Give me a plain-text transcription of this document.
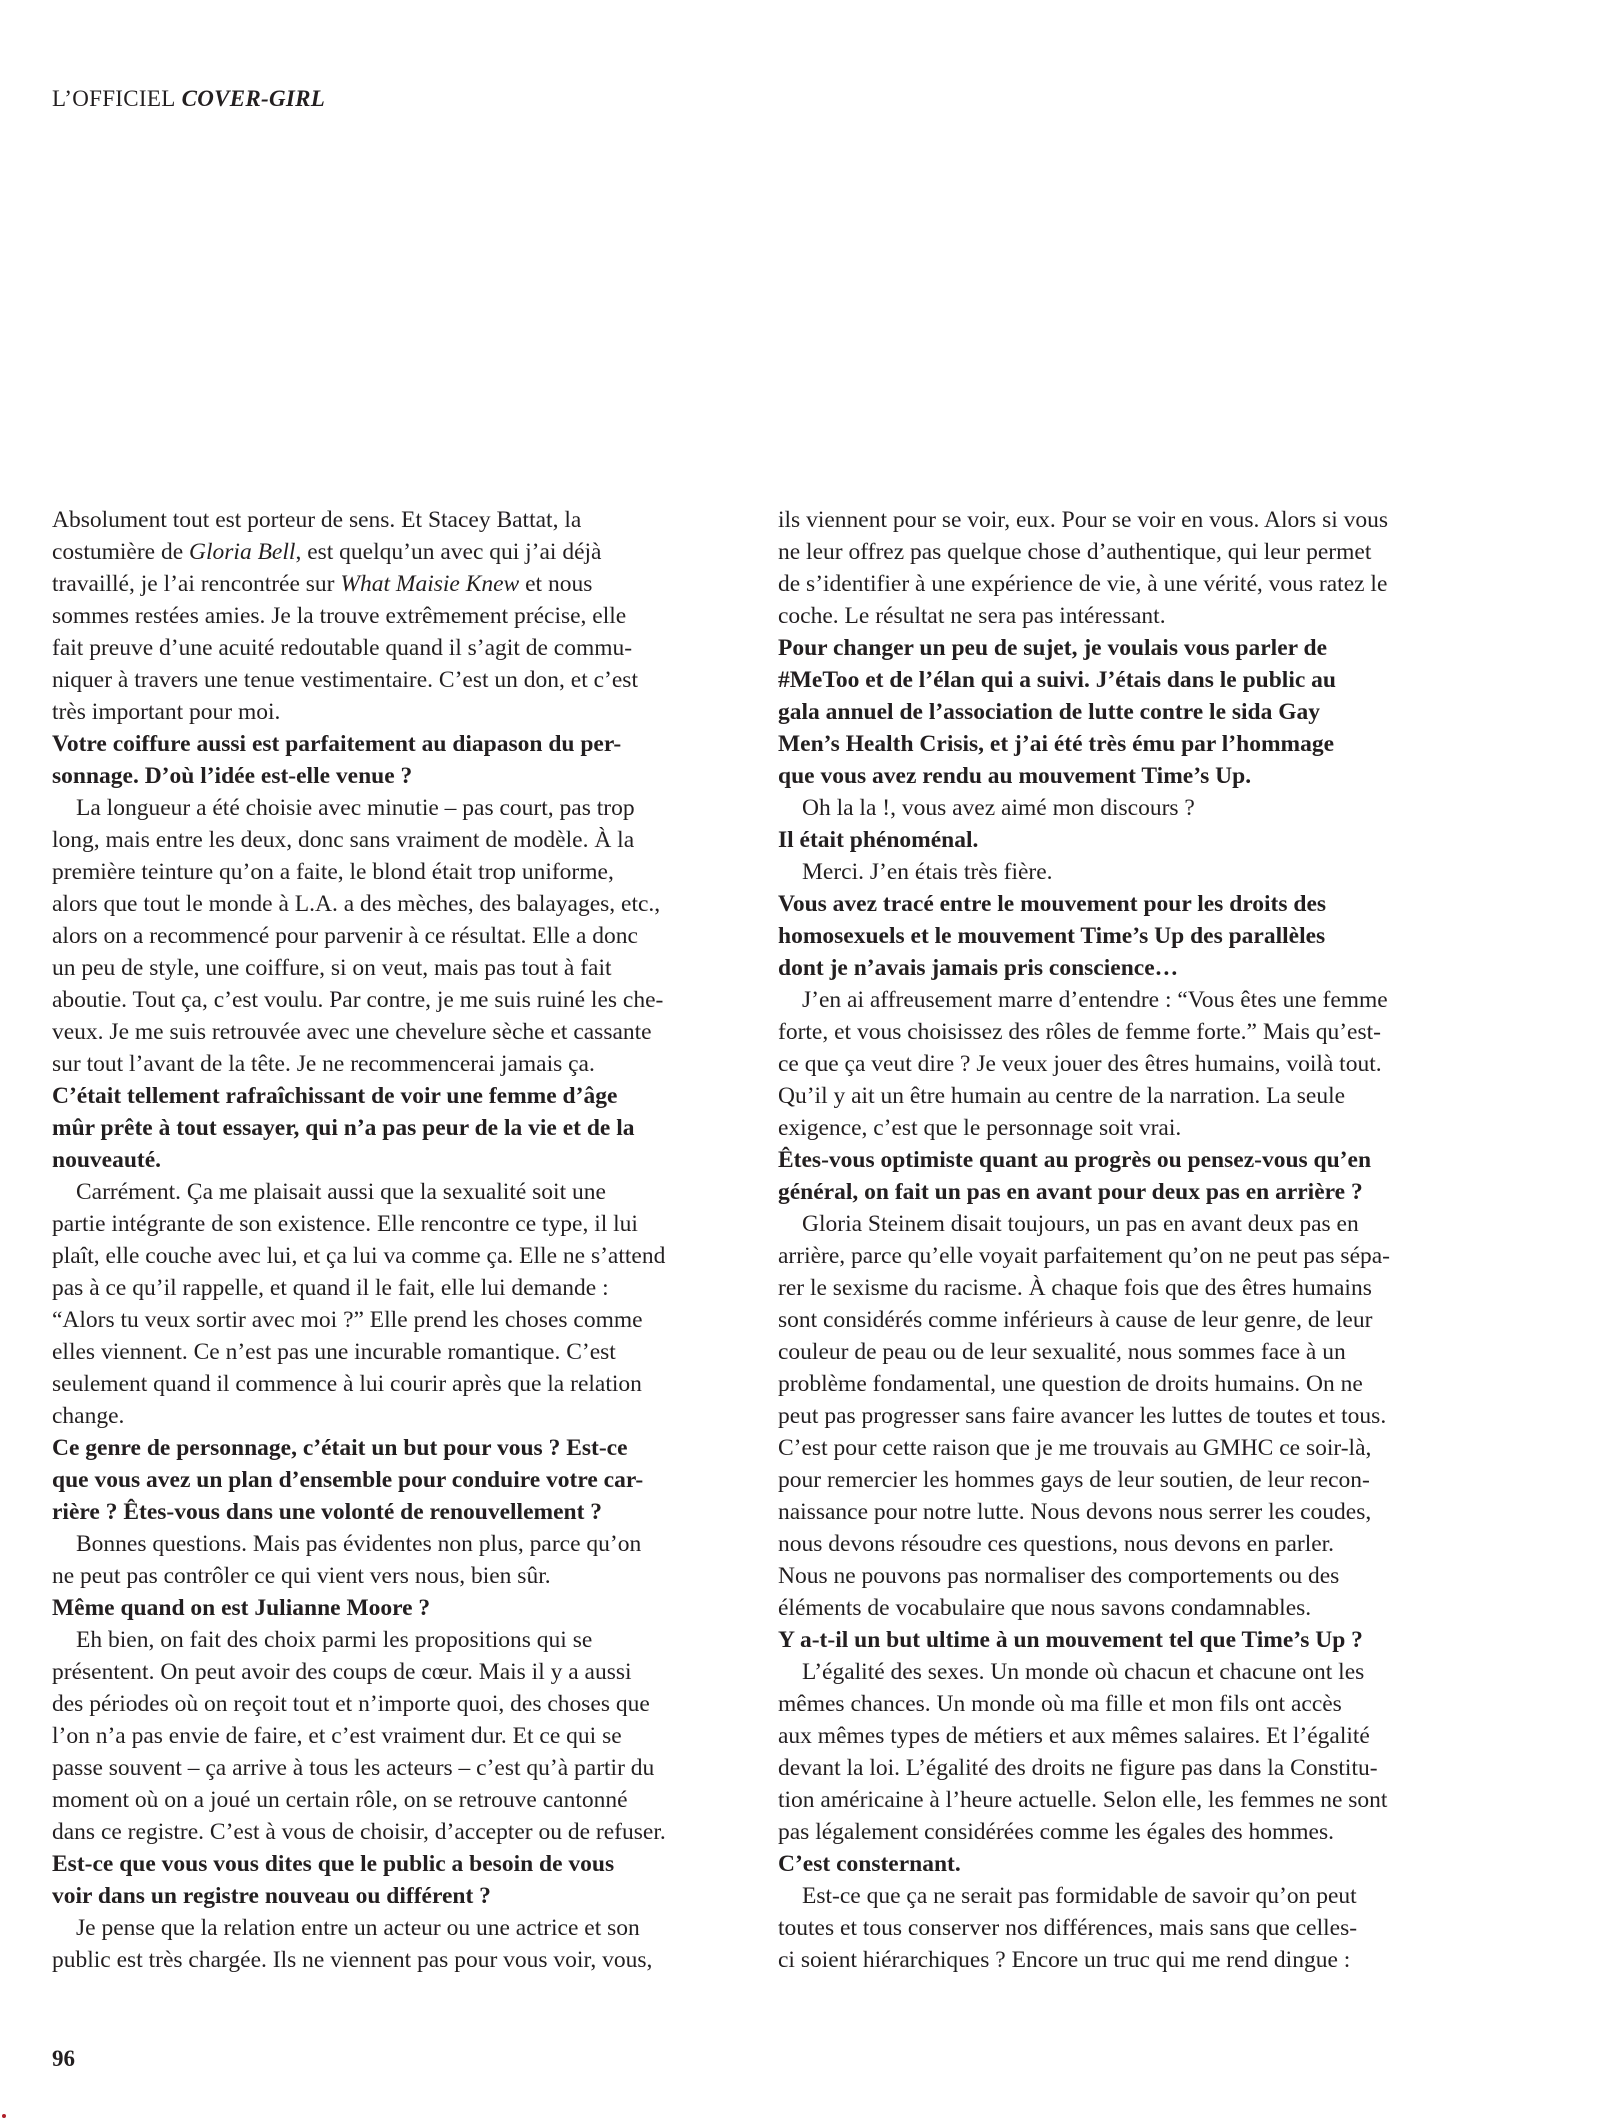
L’OFFICIEL COVER-GIRL
Absolument tout est porteur de sens. Et Stacey Battat, la
costumière de Gloria Bell, est quelqu’un avec qui j’ai déjà
travaillé, je l’ai rencontrée sur What Maisie Knew et nous
sommes restées amies. Je la trouve extrêmement précise, elle
fait preuve d’une acuité redoutable quand il s’agit de commu-
niquer à travers une tenue vestimentaire. C’est un don, et c’est
très important pour moi.
Votre coiffure aussi est parfaitement au diapason du per-
sonnage. D’où l’idée est-elle venue ?
La longueur a été choisie avec minutie – pas court, pas trop
long, mais entre les deux, donc sans vraiment de modèle. À la
première teinture qu’on a faite, le blond était trop uniforme,
alors que tout le monde à L.A. a des mèches, des balayages, etc.,
alors on a recommencé pour parvenir à ce résultat. Elle a donc
un peu de style, une coiffure, si on veut, mais pas tout à fait
aboutie. Tout ça, c’est voulu. Par contre, je me suis ruiné les che-
veux. Je me suis retrouvée avec une chevelure sèche et cassante
sur tout l’avant de la tête. Je ne recommencerai jamais ça.
C’était tellement rafraîchissant de voir une femme d’âge
mûr prête à tout essayer, qui n’a pas peur de la vie et de la
nouveauté.
Carrément. Ça me plaisait aussi que la sexualité soit une
partie intégrante de son existence. Elle rencontre ce type, il lui
plaît, elle couche avec lui, et ça lui va comme ça. Elle ne s’attend
pas à ce qu’il rappelle, et quand il le fait, elle lui demande :
“Alors tu veux sortir avec moi ?” Elle prend les choses comme
elles viennent. Ce n’est pas une incurable romantique. C’est
seulement quand il commence à lui courir après que la relation
change.
Ce genre de personnage, c’était un but pour vous ? Est-ce
que vous avez un plan d’ensemble pour conduire votre car-
rière ? Êtes-vous dans une volonté de renouvellement ?
Bonnes questions. Mais pas évidentes non plus, parce qu’on
ne peut pas contrôler ce qui vient vers nous, bien sûr.
Même quand on est Julianne Moore ?
Eh bien, on fait des choix parmi les propositions qui se
présentent. On peut avoir des coups de cœur. Mais il y a aussi
des périodes où on reçoit tout et n’importe quoi, des choses que
l’on n’a pas envie de faire, et c’est vraiment dur. Et ce qui se
passe souvent – ça arrive à tous les acteurs – c’est qu’à partir du
moment où on a joué un certain rôle, on se retrouve cantonné
dans ce registre. C’est à vous de choisir, d’accepter ou de refuser.
Est-ce que vous vous dites que le public a besoin de vous
voir dans un registre nouveau ou différent ?
Je pense que la relation entre un acteur ou une actrice et son
public est très chargée. Ils ne viennent pas pour vous voir, vous,
ils viennent pour se voir, eux. Pour se voir en vous. Alors si vous
ne leur offrez pas quelque chose d’authentique, qui leur permet
de s’identifier à une expérience de vie, à une vérité, vous ratez le
coche. Le résultat ne sera pas intéressant.
Pour changer un peu de sujet, je voulais vous parler de
#MeToo et de l’élan qui a suivi. J’étais dans le public au
gala annuel de l’association de lutte contre le sida Gay
Men’s Health Crisis, et j’ai été très ému par l’hommage
que vous avez rendu au mouvement Time’s Up.
Oh la la !, vous avez aimé mon discours ?
Il était phénoménal.
Merci. J’en étais très fière.
Vous avez tracé entre le mouvement pour les droits des
homosexuels et le mouvement Time’s Up des parallèles
dont je n’avais jamais pris conscience…
J’en ai affreusement marre d’entendre : “Vous êtes une femme
forte, et vous choisissez des rôles de femme forte.” Mais qu’est-
ce que ça veut dire ? Je veux jouer des êtres humains, voilà tout.
Qu’il y ait un être humain au centre de la narration. La seule
exigence, c’est que le personnage soit vrai.
Êtes-vous optimiste quant au progrès ou pensez-vous qu’en
général, on fait un pas en avant pour deux pas en arrière ?
Gloria Steinem disait toujours, un pas en avant deux pas en
arrière, parce qu’elle voyait parfaitement qu’on ne peut pas sépa-
rer le sexisme du racisme. À chaque fois que des êtres humains
sont considérés comme inférieurs à cause de leur genre, de leur
couleur de peau ou de leur sexualité, nous sommes face à un
problème fondamental, une question de droits humains. On ne
peut pas progresser sans faire avancer les luttes de toutes et tous.
C’est pour cette raison que je me trouvais au GMHC ce soir-là,
pour remercier les hommes gays de leur soutien, de leur recon-
naissance pour notre lutte. Nous devons nous serrer les coudes,
nous devons résoudre ces questions, nous devons en parler.
Nous ne pouvons pas normaliser des comportements ou des
éléments de vocabulaire que nous savons condamnables.
Y a-t-il un but ultime à un mouvement tel que Time’s Up ?
L’égalité des sexes. Un monde où chacun et chacune ont les
mêmes chances. Un monde où ma fille et mon fils ont accès
aux mêmes types de métiers et aux mêmes salaires. Et l’égalité
devant la loi. L’égalité des droits ne figure pas dans la Constitu-
tion américaine à l’heure actuelle. Selon elle, les femmes ne sont
pas légalement considérées comme les égales des hommes.
C’est consternant.
Est-ce que ça ne serait pas formidable de savoir qu’on peut
toutes et tous conserver nos différences, mais sans que celles-
ci soient hiérarchiques ? Encore un truc qui me rend dingue :
96
